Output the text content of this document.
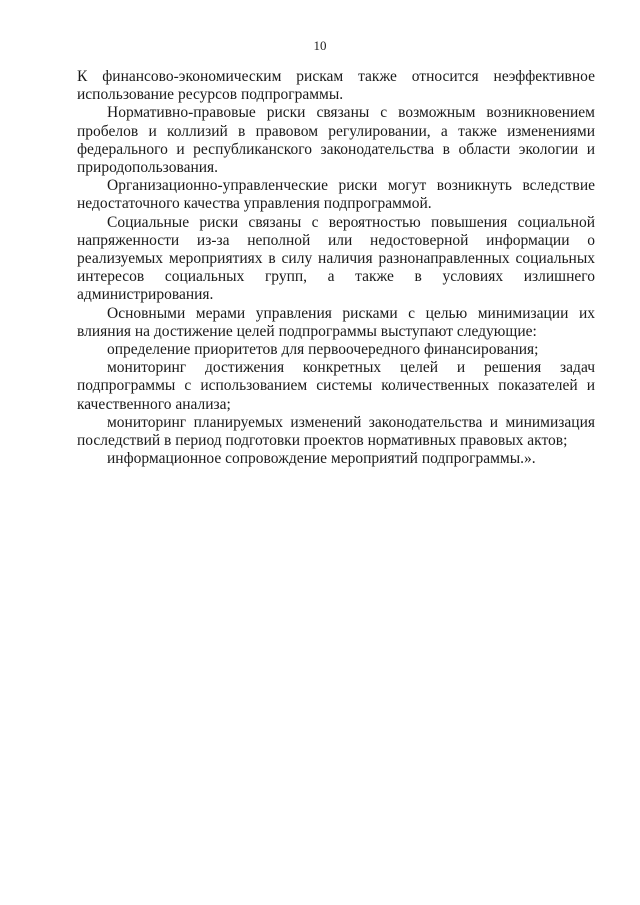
10

К финансово-экономическим рискам также относится неэффективное использование ресурсов подпрограммы.

Нормативно-правовые риски связаны с возможным возникновением пробелов и коллизий в правовом регулировании, а также изменениями федерального и республиканского законодательства в области экологии и природопользования.

Организационно-управленческие риски могут возникнуть вследствие недостаточного качества управления подпрограммой.

Социальные риски связаны с вероятностью повышения социальной напряженности из-за неполной или недостоверной информации о реализуемых мероприятиях в силу наличия разнонаправленных социальных интересов социальных групп, а также в условиях излишнего администрирования.

Основными мерами управления рисками с целью минимизации их влияния на достижение целей подпрограммы выступают следующие:

определение приоритетов для первоочередного финансирования;

мониторинг достижения конкретных целей и решения задач подпрограммы с использованием системы количественных показателей и качественного анализа;

мониторинг планируемых изменений законодательства и минимизация последствий в период подготовки проектов нормативных правовых актов;

информационное сопровождение мероприятий подпрограммы.».
